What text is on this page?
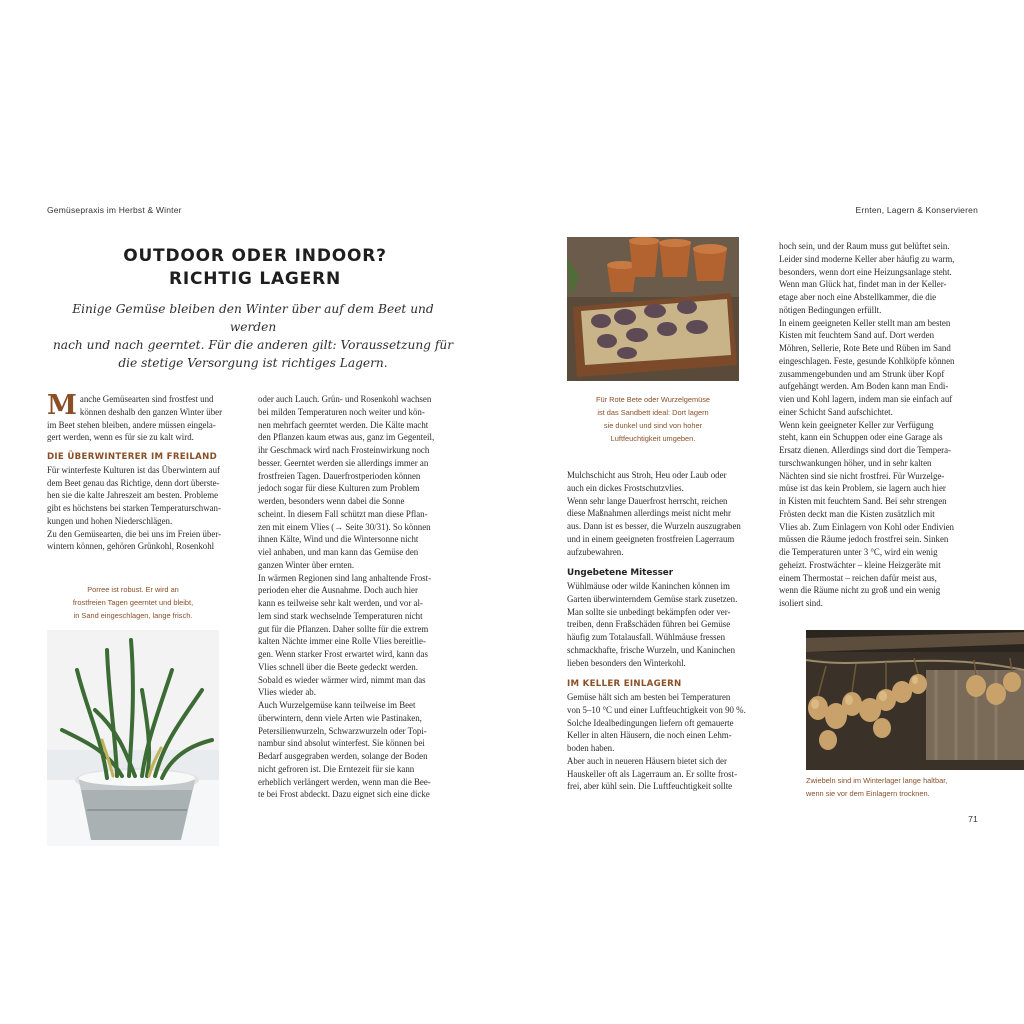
Gemüsepraxis im Herbst & Winter	Ernten, Lagern & Konservieren
OUTDOOR ODER INDOOR?
RICHTIG LAGERN
Einige Gemüse bleiben den Winter über auf dem Beet und werden
nach und nach geerntet. Für die anderen gilt: Voraussetzung für
die stetige Versorgung ist richtiges Lagern.
M anche Gemüsearten sind frostfest und
können deshalb den ganzen Winter über
im Beet stehen bleiben, andere müssen eingela-
gert werden, wenn es für sie zu kalt wird.
DIE ÜBERWINTERER IM FREILAND
Für winterfeste Kulturen ist das Überwintern auf
dem Beet genau das Richtige, denn dort überste-
hen sie die kalte Jahreszeit am besten. Probleme
gibt es höchstens bei starken Temperaturschwan-
kungen und hohen Niederschlägen.
Zu den Gemüsearten, die bei uns im Freien über-
wintern können, gehören Grünkohl, Rosenkohl
Porree ist robust. Er wird an
frostfreien Tagen geerntet und bleibt,
in Sand eingeschlagen, lange frisch.
oder auch Lauch. Grün- und Rosenkohl wachsen
bei milden Temperaturen noch weiter und kön-
nen mehrfach geerntet werden. Die Kälte macht
den Pflanzen kaum etwas aus, ganz im Gegenteil,
ihr Geschmack wird nach Frosteinwirkung noch
besser. Geerntet werden sie allerdings immer an
frostfreien Tagen. Dauerfrostperioden können
jedoch sogar für diese Kulturen zum Problem
werden, besonders wenn dabei die Sonne
scheint. In diesem Fall schützt man diese Pflan-
zen mit einem Vlies (→ Seite 30/31). So können
ihnen Kälte, Wind und die Wintersonne nicht
viel anhaben, und man kann das Gemüse den
ganzen Winter über ernten.
In wärmen Regionen sind lang anhaltende Frost-
perioden eher die Ausnahme. Doch auch hier
kann es teilweise sehr kalt werden, und vor al-
lem sind stark wechselnde Temperaturen nicht
gut für die Pflanzen. Daher sollte für die extrem
kalten Nächte immer eine Rolle Vlies bereitlie-
gen. Wenn starker Frost erwartet wird, kann das
Vlies schnell über die Beete gedeckt werden.
Sobald es wieder wärmer wird, nimmt man das
Vlies wieder ab.
Auch Wurzelgemüse kann teilweise im Beet
überwintern, denn viele Arten wie Pastinaken,
Petersilienwurzeln, Schwarzwurzeln oder Topi-
nambur sind absolut winterfest. Sie können bei
Bedarf ausgegraben werden, solange der Boden
nicht gefroren ist. Die Erntezeit für sie kann
erheblich verlängert werden, wenn man die Bee-
te bei Frost abdeckt. Dazu eignet sich eine dicke
Für Rote Bete oder Wurzelgemüse
ist das Sandbett ideal: Dort lagern
sie dunkel und sind von hoher
Luftfeuchtigkeit umgeben.
Mulchschicht aus Stroh, Heu oder Laub oder
auch ein dickes Frostschutzvlies.
Wenn sehr lange Dauerfrost herrscht, reichen
diese Maßnahmen allerdings meist nicht mehr
aus. Dann ist es besser, die Wurzeln auszugraben
und in einem geeigneten frostfreien Lagerraum
aufzubewahren.
Ungebetene Mitesser
Wühlmäuse oder wilde Kaninchen können im
Garten überwinterndem Gemüse stark zusetzen.
Man sollte sie unbedingt bekämpfen oder ver-
treiben, denn Fraßschäden führen bei Gemüse
häufig zum Totalausfall. Wühlmäuse fressen
schmackhafte, frische Wurzeln, und Kaninchen
lieben besonders den Winterkohl.
IM KELLER EINLAGERN
Gemüse hält sich am besten bei Temperaturen
von 5–10 °C und einer Luftfeuchtigkeit von 90 %.
Solche Idealbedingungen liefern oft gemauerte
Keller in alten Häusern, die noch einen Lehm-
boden haben.
Aber auch in neueren Häusern bietet sich der
Hauskeller oft als Lagerraum an. Er sollte frost-
frei, aber kühl sein. Die Luftfeuchtigkeit sollte
hoch sein, und der Raum muss gut belüftet sein.
Leider sind moderne Keller aber häufig zu warm,
besonders, wenn dort eine Heizungsanlage steht.
Wenn man Glück hat, findet man in der Keller-
etage aber noch eine Abstellkammer, die die
nötigen Bedingungen erfüllt.
In einem geeigneten Keller stellt man am besten
Kisten mit feuchtem Sand auf. Dort werden
Möhren, Sellerie, Rote Bete und Rüben im Sand
eingeschlagen. Feste, gesunde Kohlköpfe können
zusammengebunden und am Strunk über Kopf
aufgehängt werden. Am Boden kann man Endi-
vien und Kohl lagern, indem man sie einfach auf
einer Schicht Sand aufschichtet.
Wenn kein geeigneter Keller zur Verfügung
steht, kann ein Schuppen oder eine Garage als
Ersatz dienen. Allerdings sind dort die Tempera-
turschwankungen höher, und in sehr kalten
Nächten sind sie nicht frostfrei. Für Wurzelge-
müse ist das kein Problem, sie lagern auch hier
in Kisten mit feuchtem Sand. Bei sehr strengen
Frösten deckt man die Kisten zusätzlich mit
Vlies ab. Zum Einlagern von Kohl oder Endivien
müssen die Räume jedoch frostfrei sein. Sinken
die Temperaturen unter 3 °C, wird ein wenig
geheizt. Frostwächter – kleine Heizgeräte mit
einem Thermostat – reichen dafür meist aus,
wenn die Räume nicht zu groß und ein wenig
isoliert sind.
Zwiebeln sind im Winterlager lange haltbar,
wenn sie vor dem Einlagern trocknen.
71
